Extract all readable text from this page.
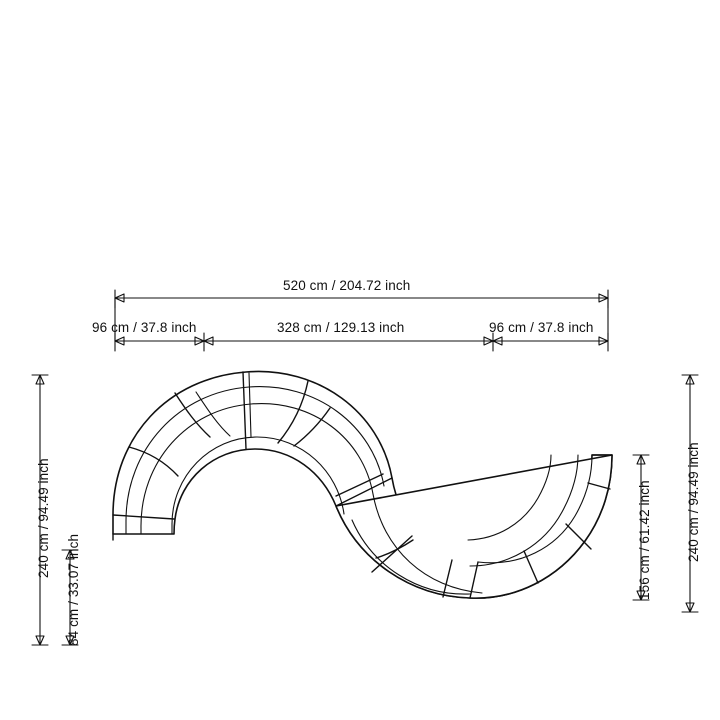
520 cm / 204.72 inch
96 cm / 37.8 inch	328 cm / 129.13 inch	96 cm / 37.8 inch
240 cm / 94.49 inch
84 cm / 33.07 inch
240 cm / 94.49 inch
156 cm / 61.42 inch
